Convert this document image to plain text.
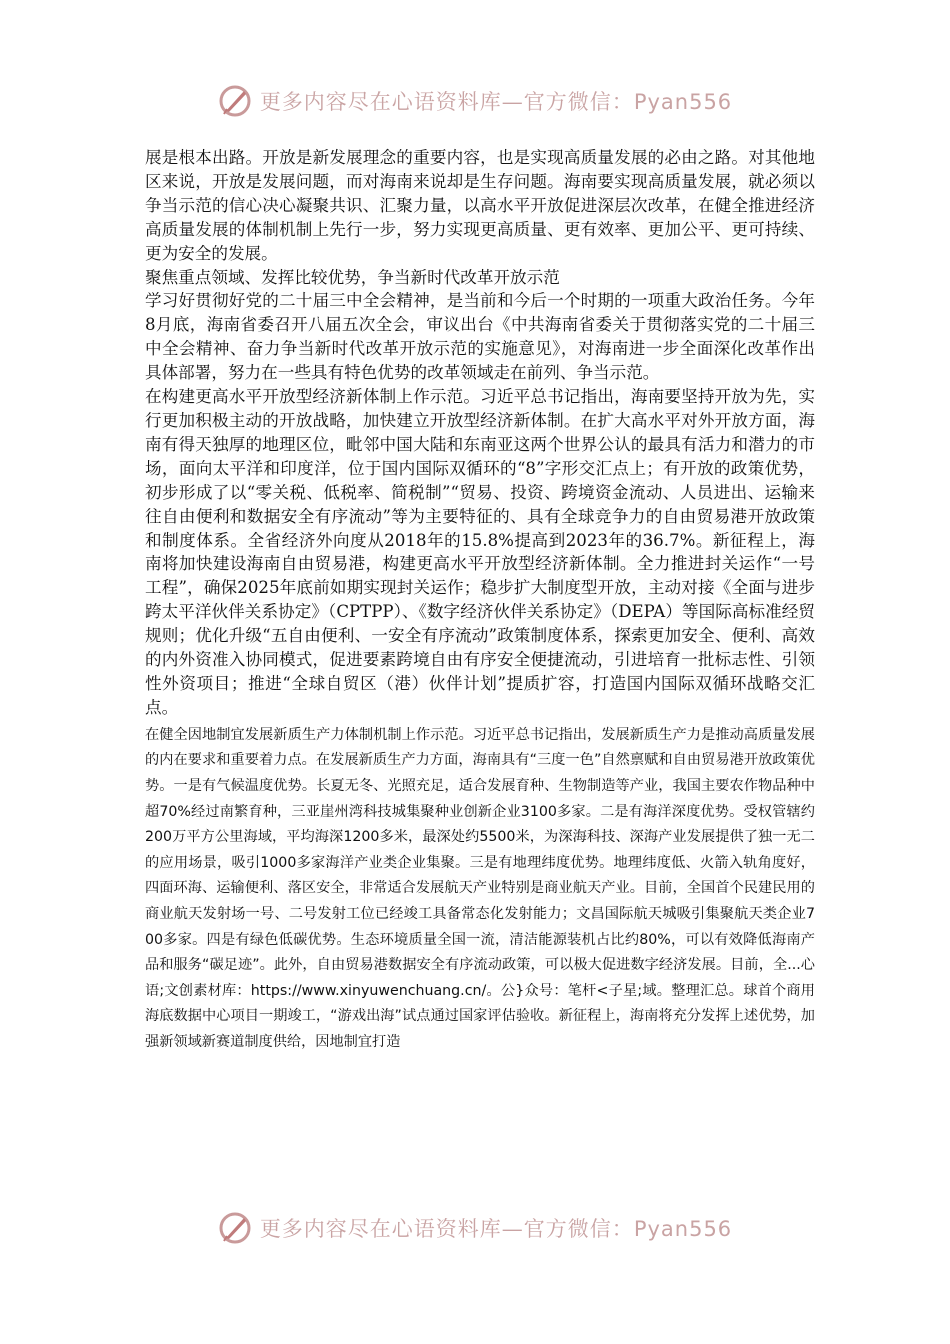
更多内容尽在心语资料库—官方微信：Pyan556

展是根本出路。开放是新发展理念的重要内容，也是实现高质量发展的必由之路。对其他地区来说，开放是发展问题，而对海南来说却是生存问题。海南要实现高质量发展，就必须以争当示范的信心决心凝聚共识、汇聚力量，以高水平开放促进深层次改革，在健全推进经济高质量发展的体制机制上先行一步，努力实现更高质量、更有效率、更加公平、更可持续、更为安全的发展。

聚焦重点领域、发挥比较优势，争当新时代改革开放示范

学习好贯彻好党的二十届三中全会精神，是当前和今后一个时期的一项重大政治任务。今年8月底，海南省委召开八届五次全会，审议出台《中共海南省委关于贯彻落实党的二十届三中全会精神、奋力争当新时代改革开放示范的实施意见》，对海南进一步全面深化改革作出具体部署，努力在一些具有特色优势的改革领域走在前列、争当示范。

在构建更高水平开放型经济新体制上作示范。习近平总书记指出，海南要坚持开放为先，实行更加积极主动的开放战略，加快建立开放型经济新体制。在扩大高水平对外开放方面，海南有得天独厚的地理区位，毗邻中国大陆和东南亚这两个世界公认的最具有活力和潜力的市场，面向太平洋和印度洋，位于国内国际双循环的“8”字形交汇点上；有开放的政策优势，初步形成了以“零关税、低税率、简税制”“贸易、投资、跨境资金流动、人员进出、运输来往自由便利和数据安全有序流动”等为主要特征的、具有全球竞争力的自由贸易港开放政策和制度体系。全省经济外向度从2018年的15.8%提高到2023年的36.7%。新征程上，海南将加快建设海南自由贸易港，构建更高水平开放型经济新体制。全力推进封关运作“一号工程”，确保2025年底前如期实现封关运作；稳步扩大制度型开放，主动对接《全面与进步跨太平洋伙伴关系协定》（CPTPP）、《数字经济伙伴关系协定》（DEPA）等国际高标准经贸规则；优化升级“五自由便利、一安全有序流动”政策制度体系，探索更加安全、便利、高效的内外资准入协同模式，促进要素跨境自由有序安全便捷流动，引进培育一批标志性、引领性外资项目；推进“全球自贸区（港）伙伴计划”提质扩容，打造国内国际双循环战略交汇点。

在健全因地制宜发展新质生产力体制机制上作示范。习近平总书记指出，发展新质生产力是推动高质量发展的内在要求和重要着力点。在发展新质生产力方面，海南具有“三度一色”自然禀赋和自由贸易港开放政策优势。一是有气候温度优势。长夏无冬、光照充足，适合发展育种、生物制造等产业，我国主要农作物品种中超70%经过南繁育种，三亚崖州湾科技城集聚种业创新企业3100多家。二是有海洋深度优势。受权管辖约200万平方公里海域，平均海深1200多米，最深处约5500米，为深海科技、深海产业发展提供了独一无二的应用场景，吸引1000多家海洋产业类企业集聚。三是有地理纬度优势。地理纬度低、火箭入轨角度好，四面环海、运输便利、落区安全，非常适合发展航天产业特别是商业航天产业。目前，全国首个民建民用的商业航天发射场一号、二号发射工位已经竣工具备常态化发射能力；文昌国际航天城吸引集聚航天类企业700多家。四是有绿色低碳优势。生态环境质量全国一流，清洁能源装机占比约80%，可以有效降低海南产品和服务“碳足迹”。此外，自由贸易港数据安全有序流动政策，可以极大促进数字经济发展。目前，全...心语;文创素材库：https://www.xinyuwenchuang.cn/。公}众号：笔杆<子星;域。整理汇总。球首个商用海底数据中心项目一期竣工，“游戏出海”试点通过国家评估验收。新征程上，海南将充分发挥上述优势，加强新领域新赛道制度供给，因地制宜打造

更多内容尽在心语资料库—官方微信：Pyan556
